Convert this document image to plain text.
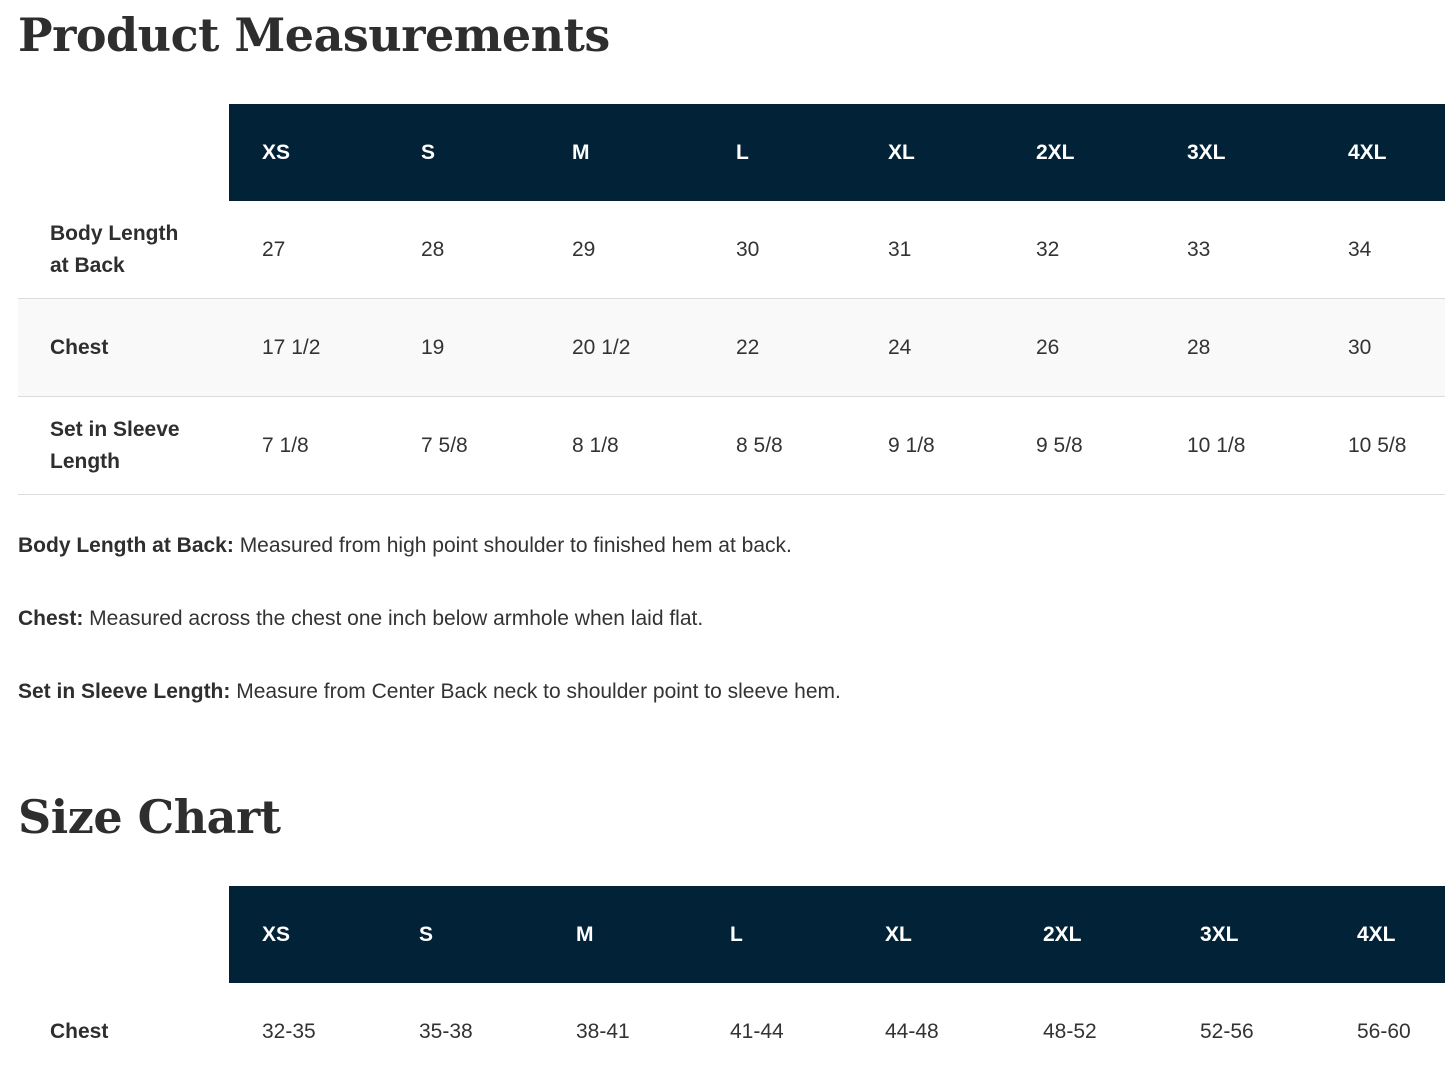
Product Measurements
	XS	S	M	L	XL	2XL	3XL	4XL
Body Length
at Back	27	28	29	30	31	32	33	34
Chest	17 1/2	19	20 1/2	22	24	26	28	30
Set in Sleeve
Length	7 1/8	7 5/8	8 1/8	8 5/8	9 1/8	9 5/8	10 1/8	10 5/8

Body Length at Back: Measured from high point shoulder to finished hem at back.

Chest: Measured across the chest one inch below armhole when laid flat.

Set in Sleeve Length: Measure from Center Back neck to shoulder point to sleeve hem.

Size Chart
	XS	S	M	L	XL	2XL	3XL	4XL
Chest	32-35	35-38	38-41	41-44	44-48	48-52	52-56	56-60
